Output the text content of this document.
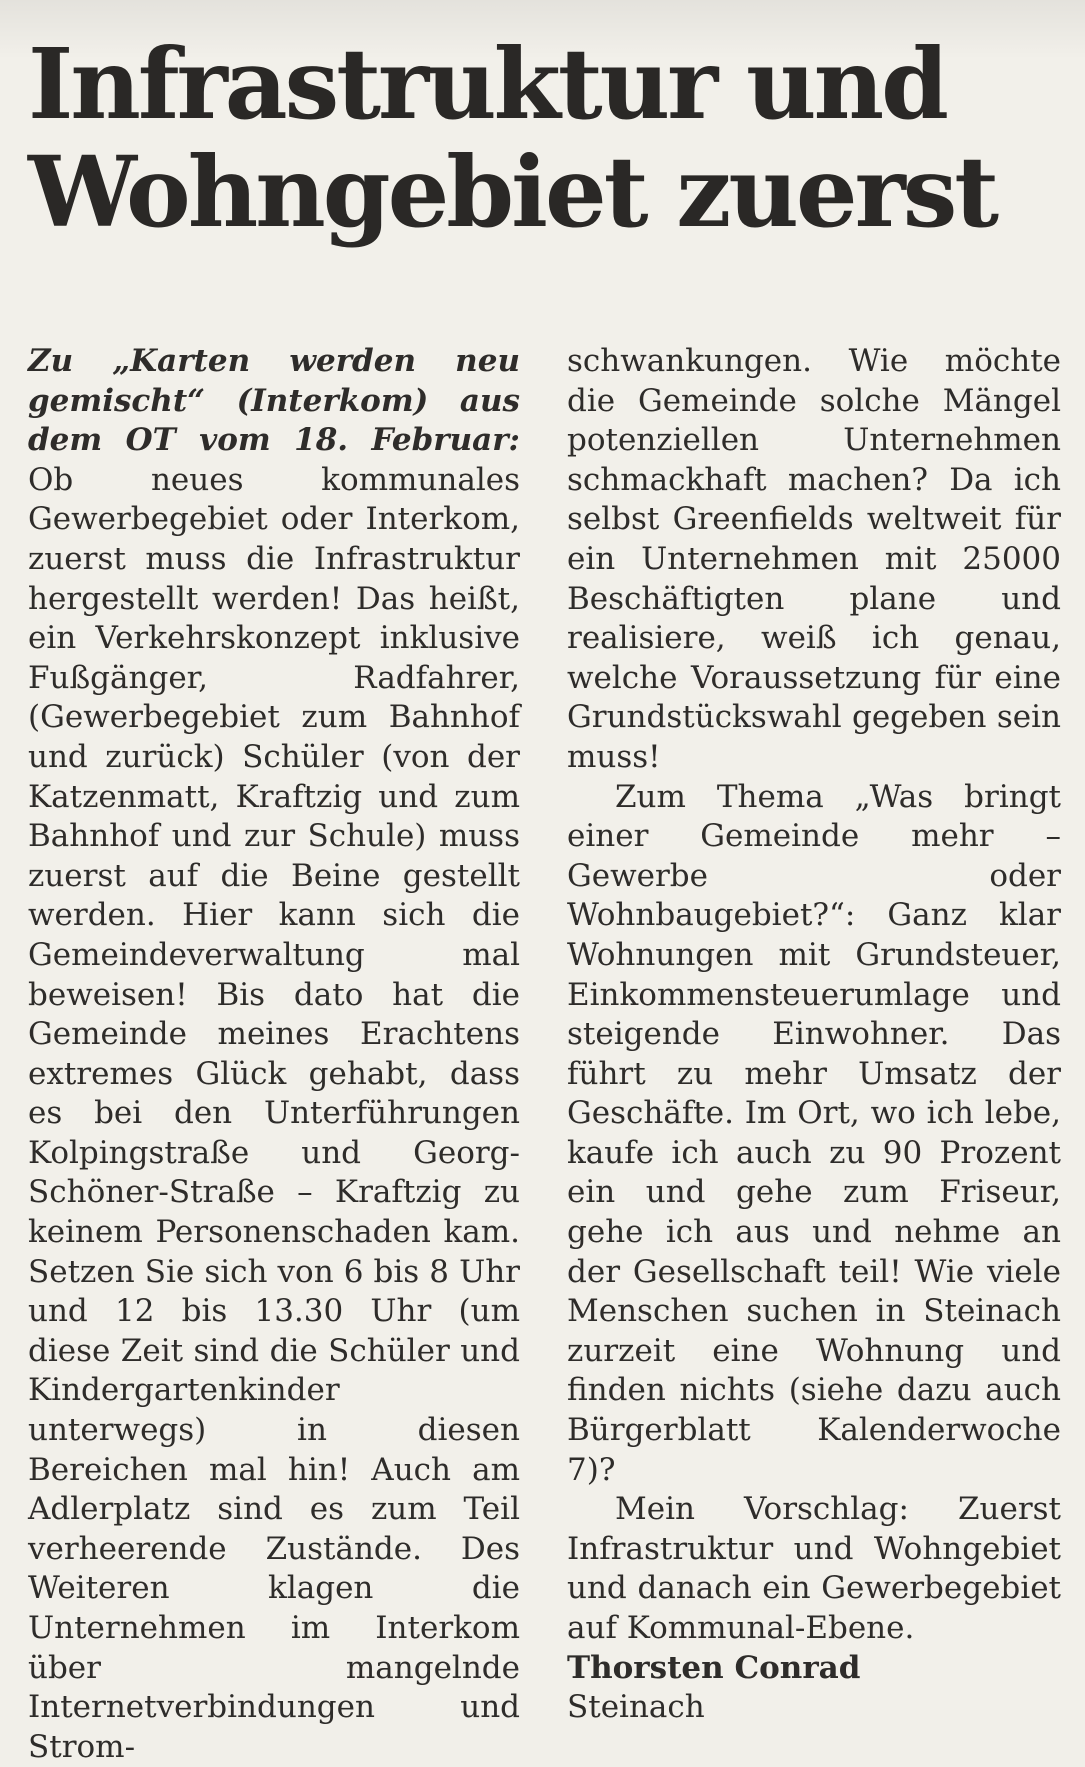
Infrastruktur und
Wohngebiet zuerst

Zu „Karten werden neu gemischt“ (Interkom) aus dem OT vom 18. Februar: Ob neues kommunales Gewerbegebiet oder Interkom, zuerst muss die Infrastruktur hergestellt werden! Das heißt, ein Verkehrskonzept inklusive Fußgänger, Radfahrer, (Gewerbegebiet zum Bahnhof und zurück) Schüler (von der Katzenmatt, Kraftzig und zum Bahnhof und zur Schule) muss zuerst auf die Beine gestellt werden. Hier kann sich die Gemeindeverwaltung mal beweisen! Bis dato hat die Gemeinde meines Erachtens extremes Glück gehabt, dass es bei den Unterführungen Kolpingstraße und Georg-Schöner-Straße – Kraftzig zu keinem Personenschaden kam. Setzen Sie sich von 6 bis 8 Uhr und 12 bis 13.30 Uhr (um diese Zeit sind die Schüler und Kindergartenkinder unterwegs) in diesen Bereichen mal hin! Auch am Adlerplatz sind es zum Teil verheerende Zustände. Des Weiteren klagen die Unternehmen im Interkom über mangelnde Internetverbindungen und Strom-

schwankungen. Wie möchte die Gemeinde solche Mängel potenziellen Unternehmen schmackhaft machen? Da ich selbst Greenfields weltweit für ein Unternehmen mit 25000 Beschäftigten plane und realisiere, weiß ich genau, welche Voraussetzung für eine Grundstückswahl gegeben sein muss!

Zum Thema „Was bringt einer Gemeinde mehr – Gewerbe oder Wohnbaugebiet?“: Ganz klar Wohnungen mit Grundsteuer, Einkommensteuerumlage und steigende Einwohner. Das führt zu mehr Umsatz der Geschäfte. Im Ort, wo ich lebe, kaufe ich auch zu 90 Prozent ein und gehe zum Friseur, gehe ich aus und nehme an der Gesellschaft teil! Wie viele Menschen suchen in Steinach zurzeit eine Wohnung und finden nichts (siehe dazu auch Bürgerblatt Kalenderwoche 7)?

Mein Vorschlag: Zuerst Infrastruktur und Wohngebiet und danach ein Gewerbegebiet auf Kommunal-Ebene.

Thorsten Conrad
Steinach
